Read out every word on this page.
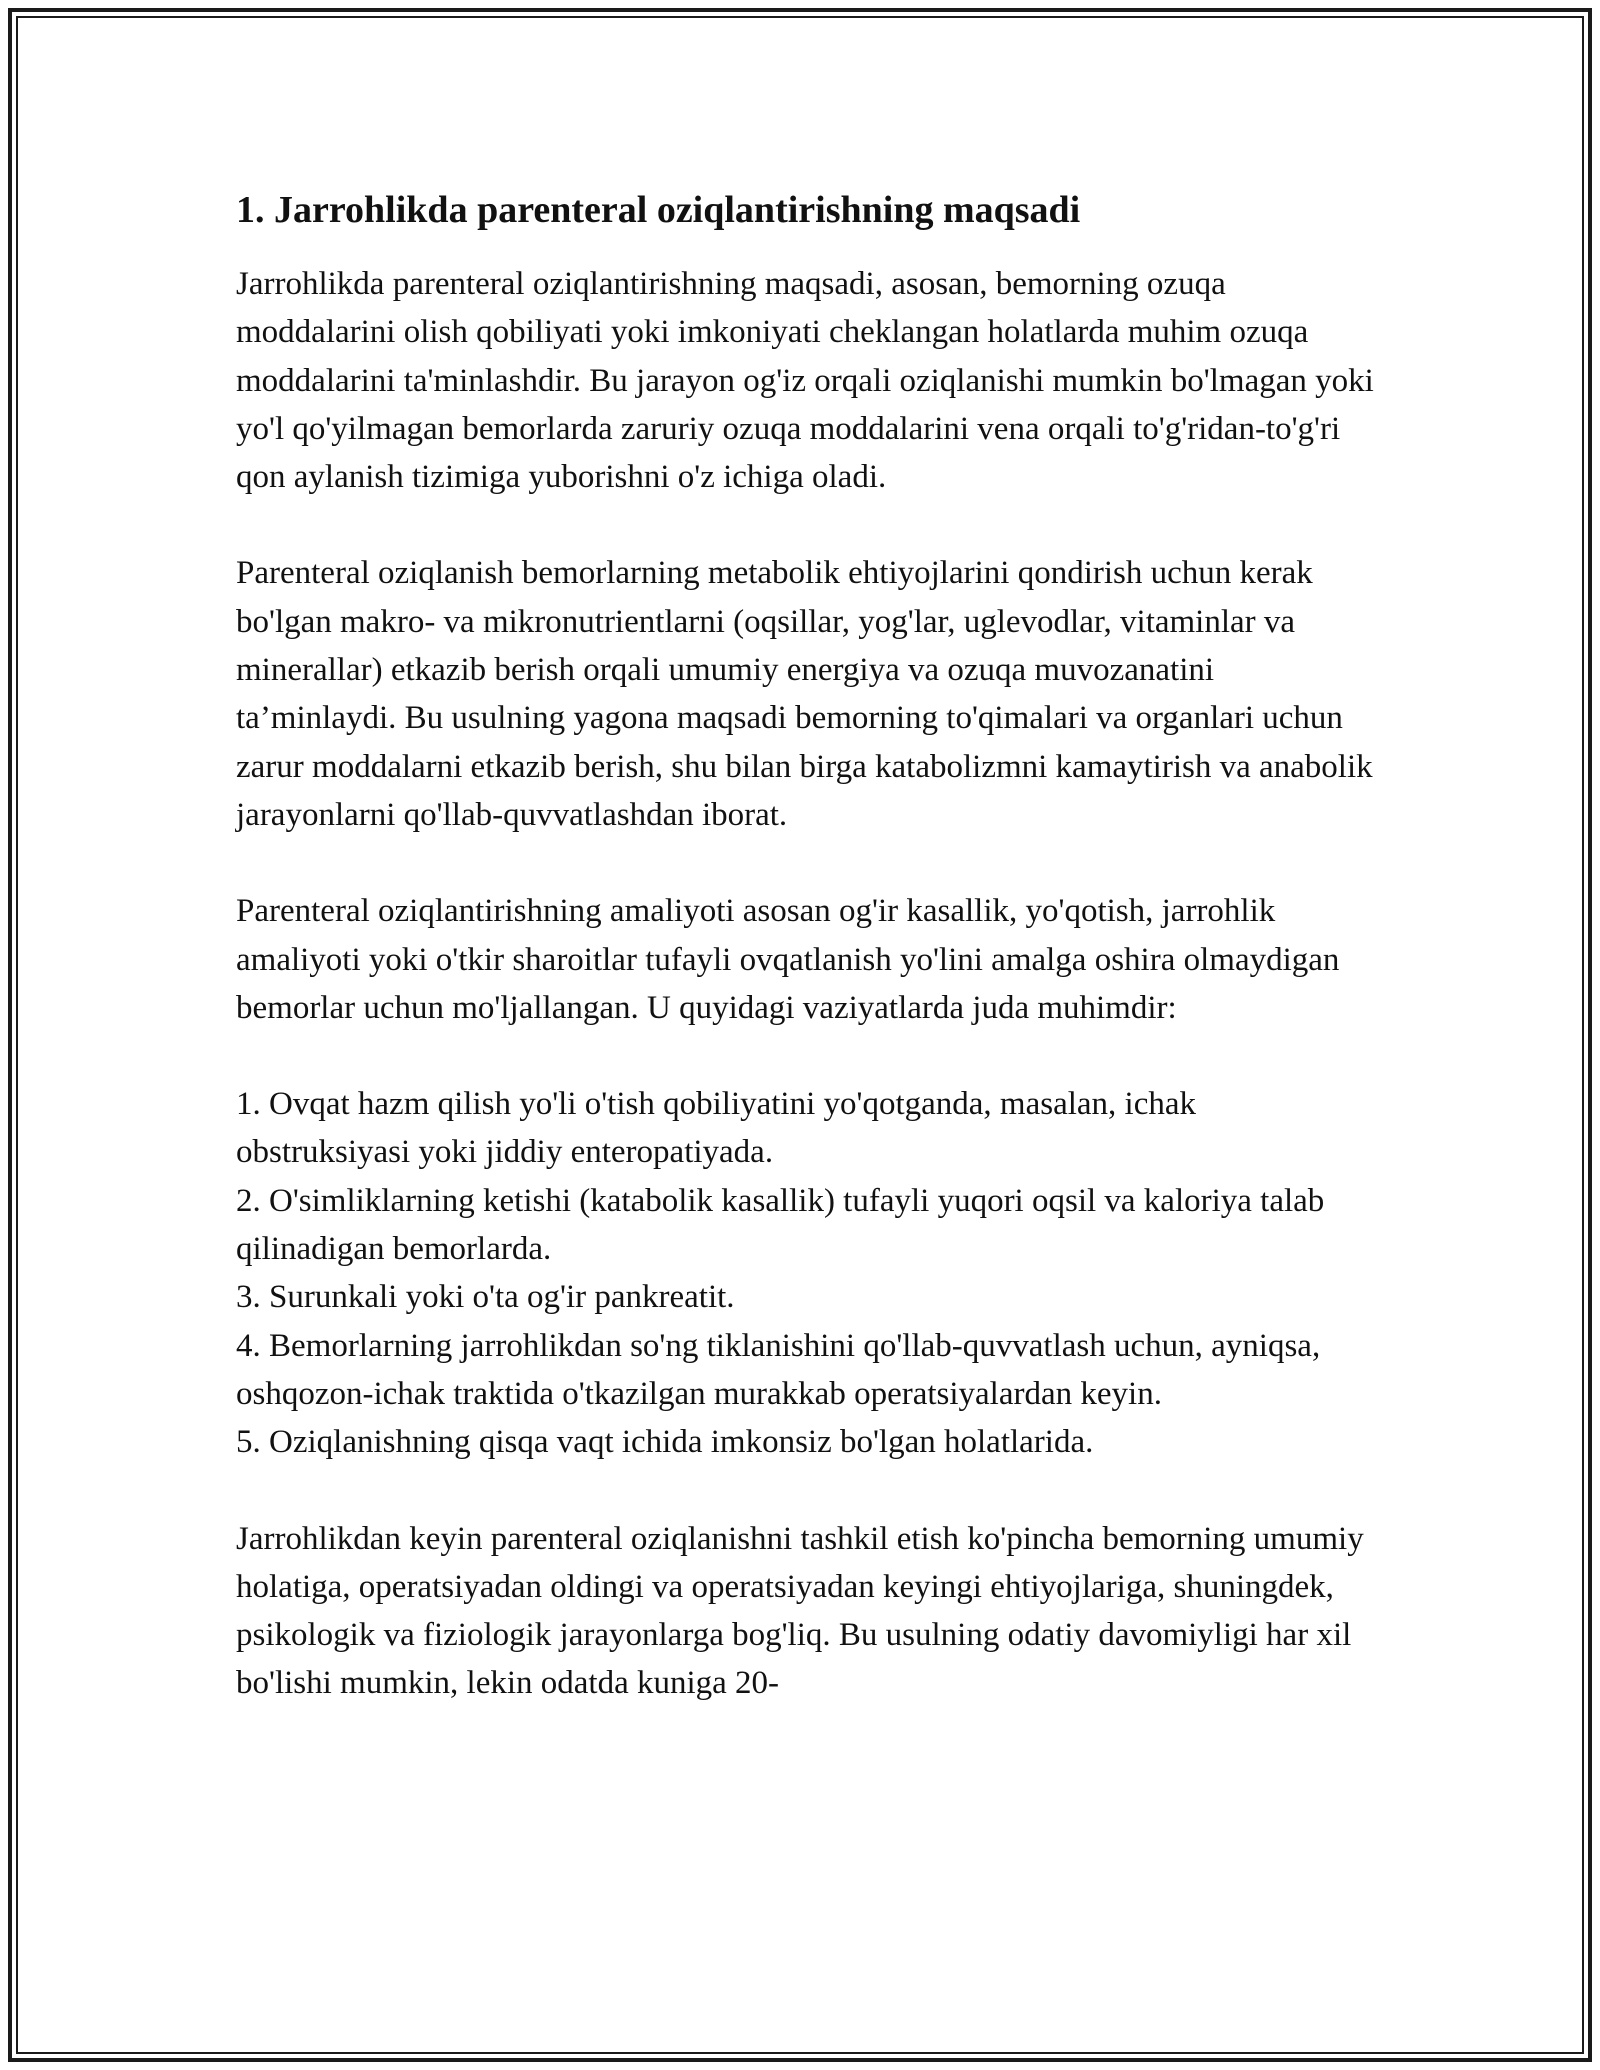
1. Jarrohlikda parenteral oziqlantirishning maqsadi

Jarrohlikda parenteral oziqlantirishning maqsadi, asosan, bemorning ozuqa moddalarini olish qobiliyati yoki imkoniyati cheklangan holatlarda muhim ozuqa moddalarini ta'minlashdir. Bu jarayon og'iz orqali oziqlanishi mumkin bo'lmagan yoki yo'l qo'yilmagan bemorlarda zaruriy ozuqa moddalarini vena orqali to'g'ridan-to'g'ri qon aylanish tizimiga yuborishni o'z ichiga oladi.

Parenteral oziqlanish bemorlarning metabolik ehtiyojlarini qondirish uchun kerak bo'lgan makro- va mikronutrientlarni (oqsillar, yog'lar, uglevodlar, vitaminlar va minerallar) etkazib berish orqali umumiy energiya va ozuqa muvozanatini ta’minlaydi. Bu usulning yagona maqsadi bemorning to'qimalari va organlari uchun zarur moddalarni etkazib berish, shu bilan birga katabolizmni kamaytirish va anabolik jarayonlarni qo'llab-quvvatlashdan iborat.

Parenteral oziqlantirishning amaliyoti asosan og'ir kasallik, yo'qotish, jarrohlik amaliyoti yoki o'tkir sharoitlar tufayli ovqatlanish yo'lini amalga oshira olmaydigan bemorlar uchun mo'ljallangan. U quyidagi vaziyatlarda juda muhimdir:

1. Ovqat hazm qilish yo'li o'tish qobiliyatini yo'qotganda, masalan, ichak obstruksiyasi yoki jiddiy enteropatiyada.

2. O'simliklarning ketishi (katabolik kasallik) tufayli yuqori oqsil va kaloriya talab qilinadigan bemorlarda.

3. Surunkali yoki o'ta og'ir pankreatit.

4. Bemorlarning jarrohlikdan so'ng tiklanishini qo'llab-quvvatlash uchun, ayniqsa, oshqozon-ichak traktida o'tkazilgan murakkab operatsiyalardan keyin.

5. Oziqlanishning qisqa vaqt ichida imkonsiz bo'lgan holatlarida.

Jarrohlikdan keyin parenteral oziqlanishni tashkil etish ko'pincha bemorning umumiy holatiga, operatsiyadan oldingi va operatsiyadan keyingi ehtiyojlariga, shuningdek, psikologik va fiziologik jarayonlarga bog'liq. Bu usulning odatiy davomiyligi har xil bo'lishi mumkin, lekin odatda kuniga 20-
